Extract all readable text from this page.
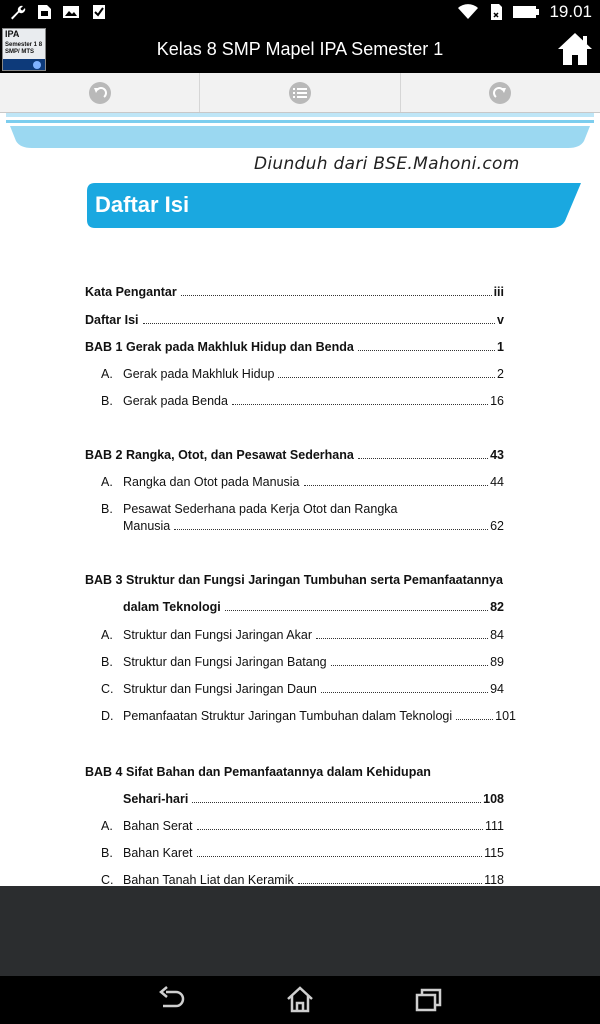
19.01
IPA
Semester 1 8 SMP/ MTS	Kelas 8 SMP Mapel IPA Semester 1
Diunduh dari BSE.Mahoni.com
Daftar Isi
Kata Pengantar	iii
Daftar Isi	v
BAB 1 Gerak pada Makhluk Hidup dan Benda	1
A. Gerak pada Makhluk Hidup	2
B. Gerak pada Benda	16
BAB 2 Rangka, Otot, dan Pesawat Sederhana	43
A. Rangka dan Otot pada Manusia	44
B. Pesawat Sederhana pada Kerja Otot dan Rangka
Manusia	62
BAB 3 Struktur dan Fungsi Jaringan Tumbuhan serta Pemanfaatannya
dalam Teknologi	82
A. Struktur dan Fungsi Jaringan Akar	84
B. Struktur dan Fungsi Jaringan Batang	89
C. Struktur dan Fungsi Jaringan Daun	94
D. Pemanfaatan Struktur Jaringan Tumbuhan dalam Teknologi	101
BAB 4 Sifat Bahan dan Pemanfaatannya dalam Kehidupan
Sehari-hari	108
A. Bahan Serat	111
B. Bahan Karet	115
C. Bahan Tanah Liat dan Keramik	118
